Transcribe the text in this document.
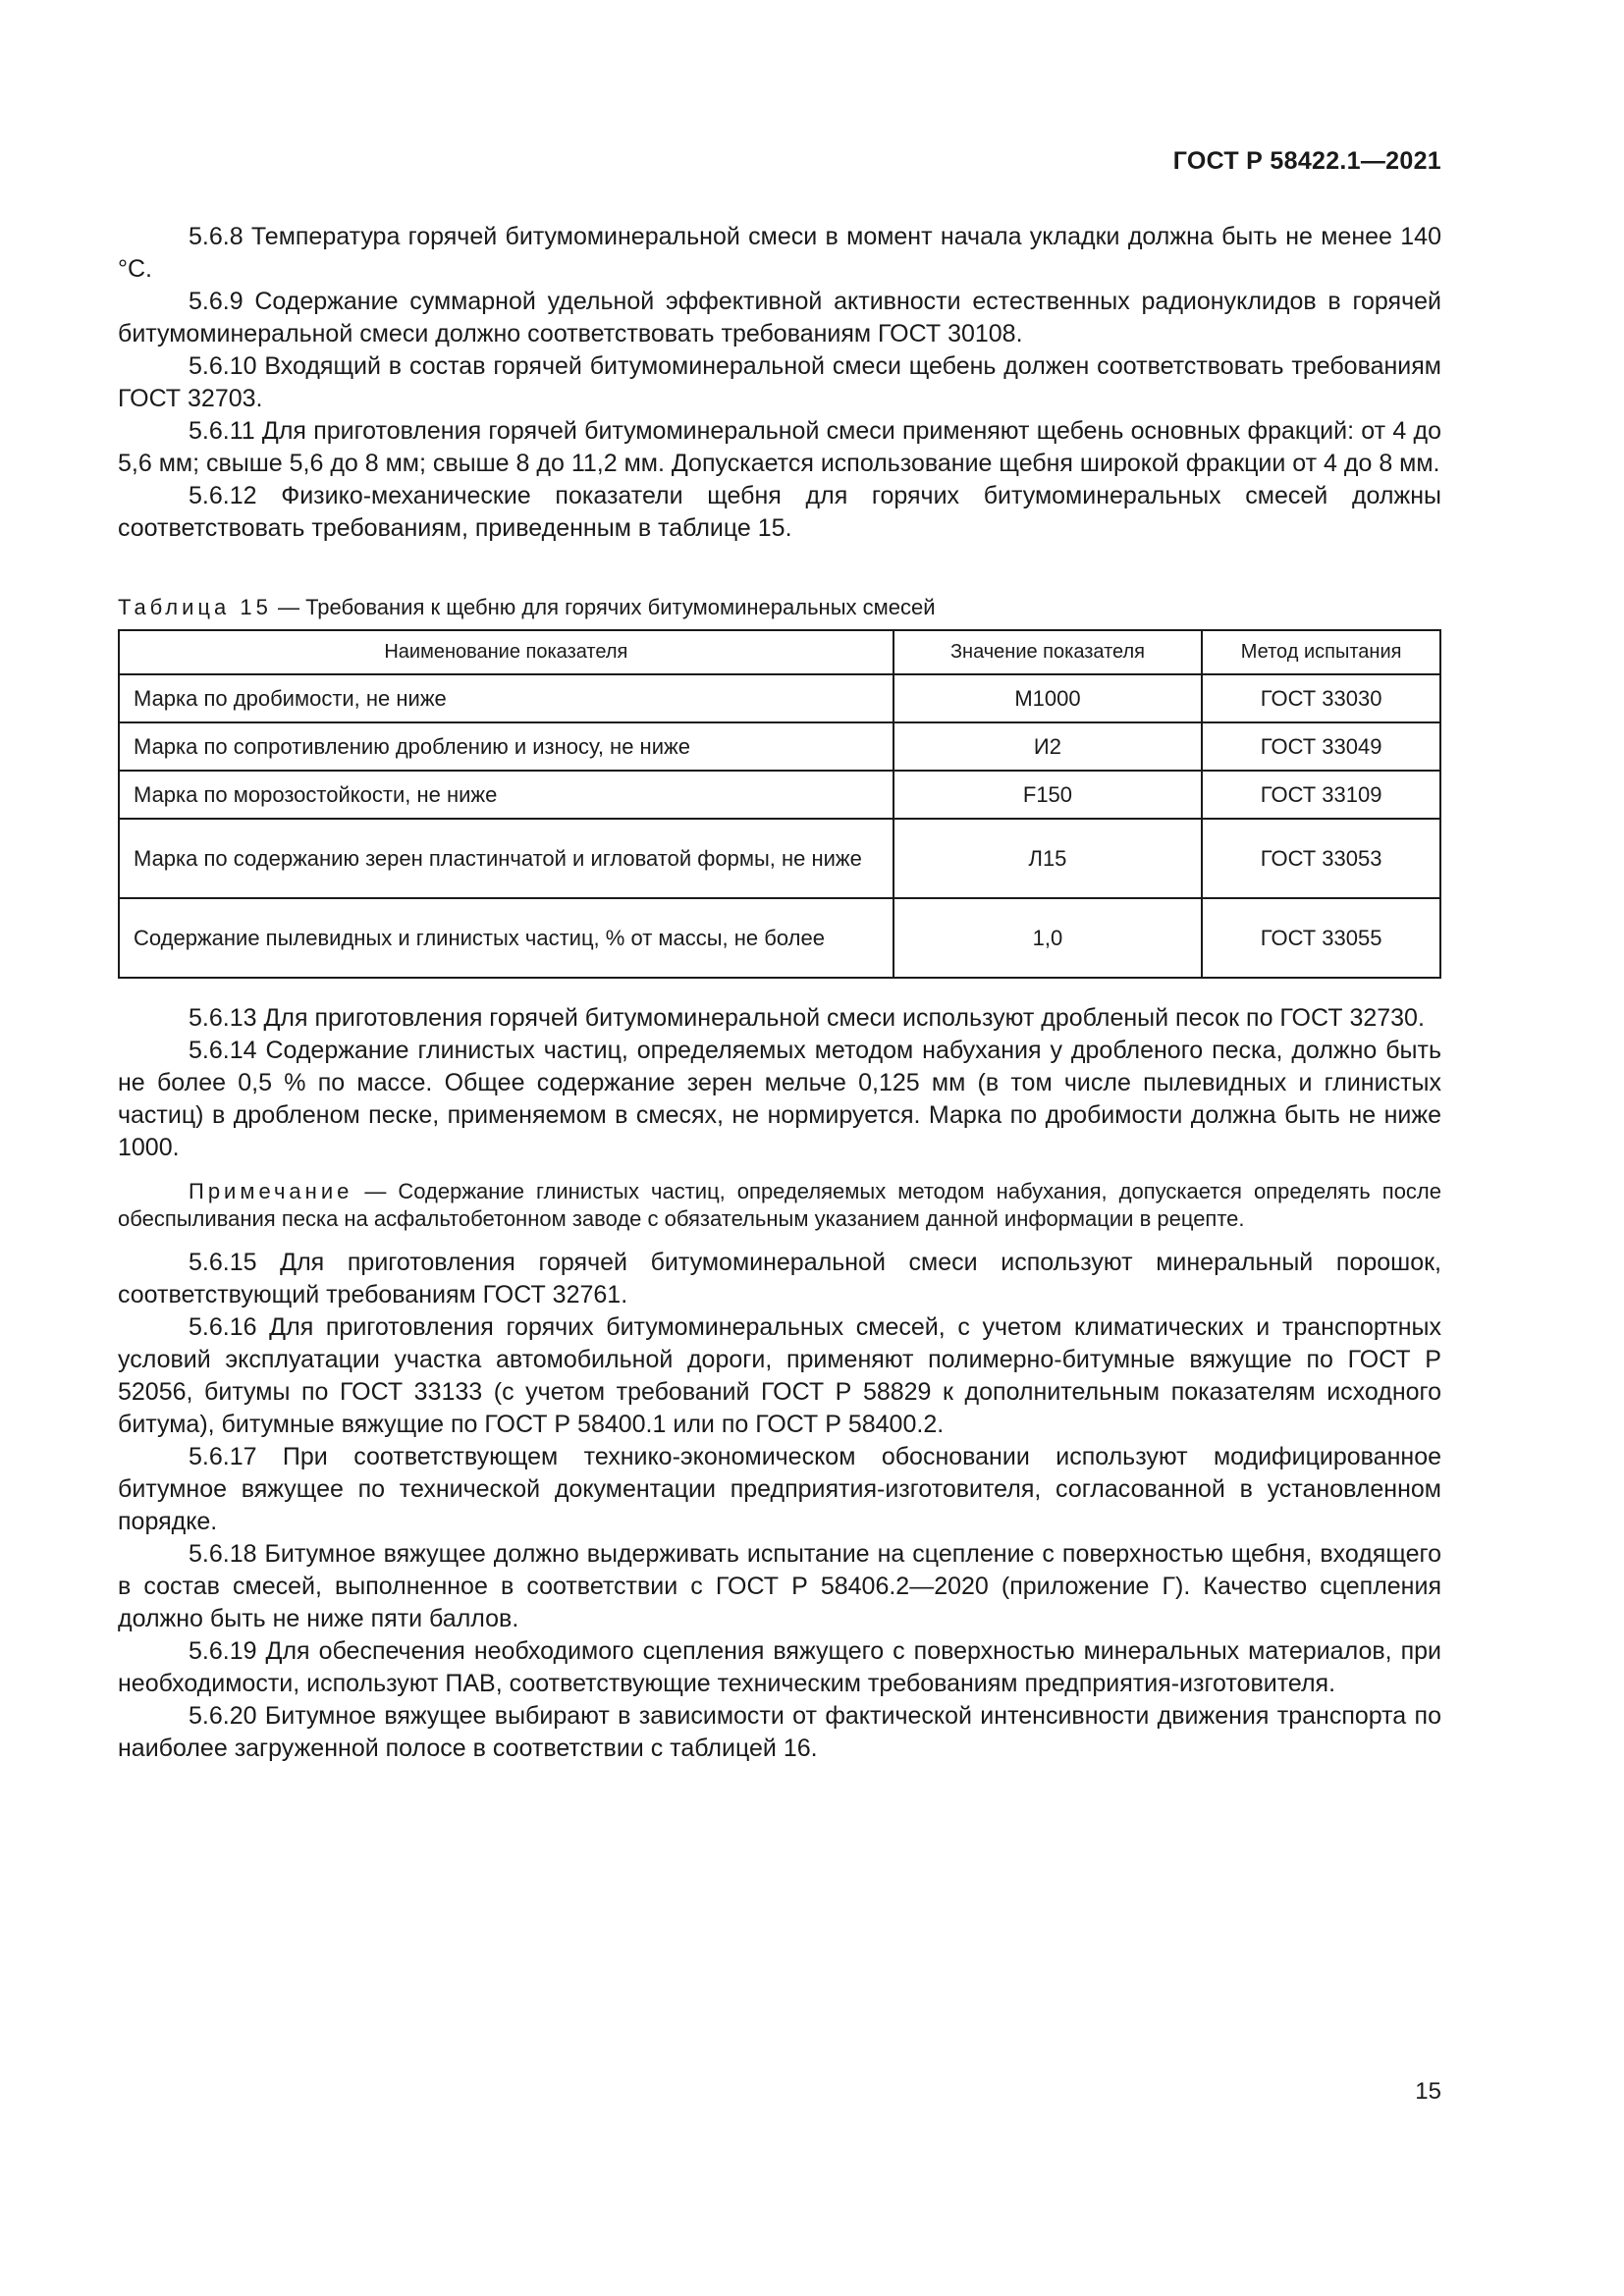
ГОСТ Р 58422.1—2021

5.6.8 Температура горячей битумоминеральной смеси в момент начала укладки должна быть не менее 140 °С.

5.6.9 Содержание суммарной удельной эффективной активности естественных радионуклидов в горячей битумоминеральной смеси должно соответствовать требованиям ГОСТ 30108.

5.6.10 Входящий в состав горячей битумоминеральной смеси щебень должен соответствовать требованиям ГОСТ 32703.

5.6.11 Для приготовления горячей битумоминеральной смеси применяют щебень основных фракций: от 4 до 5,6 мм; свыше 5,6 до 8 мм; свыше 8 до 11,2 мм. Допускается использование щебня широкой фракции от 4 до 8 мм.

5.6.12 Физико-механические показатели щебня для горячих битумоминеральных смесей должны соответствовать требованиям, приведенным в таблице 15.

Таблица 15 — Требования к щебню для горячих битумоминеральных смесей
Наименование показателя	Значение показателя	Метод испытания
Марка по дробимости, не ниже	М1000	ГОСТ 33030
Марка по сопротивлению дроблению и износу, не ниже	И2	ГОСТ 33049
Марка по морозостойкости, не ниже	F150	ГОСТ 33109
Марка по содержанию зерен пластинчатой и игловатой формы, не ниже	Л15	ГОСТ 33053
Содержание пылевидных и глинистых частиц, % от массы, не более	1,0	ГОСТ 33055

5.6.13 Для приготовления горячей битумоминеральной смеси используют дробленый песок по ГОСТ 32730.

5.6.14 Содержание глинистых частиц, определяемых методом набухания у дробленого песка, должно быть не более 0,5 % по массе. Общее содержание зерен мельче 0,125 мм (в том числе пылевидных и глинистых частиц) в дробленом песке, применяемом в смесях, не нормируется. Марка по дробимости должна быть не ниже 1000.

Примечание — Содержание глинистых частиц, определяемых методом набухания, допускается определять после обеспыливания песка на асфальтобетонном заводе с обязательным указанием данной информации в рецепте.

5.6.15 Для приготовления горячей битумоминеральной смеси используют минеральный порошок, соответствующий требованиям ГОСТ 32761.

5.6.16 Для приготовления горячих битумоминеральных смесей, с учетом климатических и транспортных условий эксплуатации участка автомобильной дороги, применяют полимерно-битумные вяжущие по ГОСТ Р 52056, битумы по ГОСТ 33133 (с учетом требований ГОСТ Р 58829 к дополнительным показателям исходного битума), битумные вяжущие по ГОСТ Р 58400.1 или по ГОСТ Р 58400.2.

5.6.17 При соответствующем технико-экономическом обосновании используют модифицированное битумное вяжущее по технической документации предприятия-изготовителя, согласованной в установленном порядке.

5.6.18 Битумное вяжущее должно выдерживать испытание на сцепление с поверхностью щебня, входящего в состав смесей, выполненное в соответствии с ГОСТ Р 58406.2—2020 (приложение Г). Качество сцепления должно быть не ниже пяти баллов.

5.6.19 Для обеспечения необходимого сцепления вяжущего с поверхностью минеральных материалов, при необходимости, используют ПАВ, соответствующие техническим требованиям предприятия-изготовителя.

5.6.20 Битумное вяжущее выбирают в зависимости от фактической интенсивности движения транспорта по наиболее загруженной полосе в соответствии с таблицей 16.

15
